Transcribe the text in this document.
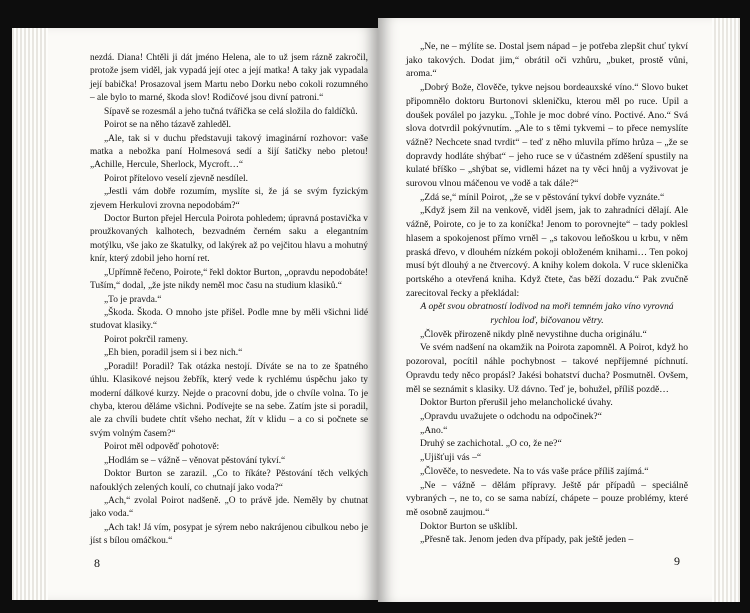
nezdá. Diana! Chtěli ji dát jméno Helena, ale to už jsem rázně zakročil, protože jsem viděl, jak vypadá její otec a její matka! A taky jak vypadala její babička! Prosazoval jsem Martu nebo Dorku nebo cokoli rozumného – ale bylo to marné, škoda slov! Rodičové jsou divní patroni.“

Sípavě se rozesmál a jeho tučná tvářička se celá složila do faldíčků.

Poirot se na něho tázavě zahleděl.

„Ale, tak si v duchu představuji takový imaginární rozhovor: vaše matka a nebožka paní Holmesová sedí a šijí šatičky nebo pletou! „Achille, Hercule, Sherlock, Mycroft…“

Poirot přítelovo veselí zjevně nesdílel.

„Jestli vám dobře rozumím, myslíte si, že já se svým fyzickým zjevem Herkulovi zrovna nepodobám?“

Doctor Burton přejel Hercula Poirota pohledem; úpravná postavička v proužkovaných kalhotech, bezvadném černém saku a elegantním motýlku, vše jako ze škatulky, od lakýrek až po vejčitou hlavu a mohutný knír, který zdobil jeho horní ret.

„Upřímně řečeno, Poirote,“ řekl doktor Burton, „opravdu nepodobáte! Tuším,“ dodal, „že jste nikdy neměl moc času na studium klasiků.“

„To je pravda.“

„Škoda. Škoda. O mnoho jste přišel. Podle mne by měli všichni lidé studovat klasiky.“

Poirot pokrčil rameny.

„Eh bien, poradil jsem si i bez nich.“

„Poradil! Poradil? Tak otázka nestojí. Díváte se na to ze špatného úhlu. Klasikové nejsou žebřík, který vede k rychlému úspěchu jako ty moderní dálkové kurzy. Nejde o pracovní dobu, jde o chvíle volna. To je chyba, kterou děláme všichni. Podívejte se na sebe. Zatím jste si poradil, ale za chvíli budete chtít všeho nechat, žít v klidu – a co si počnete se svým volným časem?“

Poirot měl odpověď pohotově:

„Hodlám se – vážně – věnovat pěstování tykví.“

Doktor Burton se zarazil. „Co to říkáte? Pěstování těch velkých nafouklých zelených koulí, co chutnají jako voda?“

„Ach,“ zvolal Poirot nadšeně. „O to právě jde. Neměly by chutnat jako voda.“

„Ach tak! Já vím, posypat je sýrem nebo nakrájenou cibulkou nebo je jíst s bílou omáčkou.“

8

„Ne, ne – mýlíte se. Dostal jsem nápad – je potřeba zlepšit chuť tykví jako takových. Dodat jim,“ obrátil oči vzhůru, „buket, prostě vůni, aroma.“

„Dobrý Bože, člověče, tykve nejsou bordeauxské víno.“ Slovo buket připomnělo doktoru Burtonovi skleničku, kterou měl po ruce. Upil a doušek poválel po jazyku. „Tohle je moc dobré víno. Poctivé. Ano.“ Svá slova dotvrdil pokývnutím. „Ale to s těmi tykvemi – to přece nemyslíte vážně? Nechcete snad tvrdit“ – teď z něho mluvila přímo hrůza – „že se dopravdy hodláte shýbat“ – jeho ruce se v účastném zděšení spustily na kulaté bříško – „shýbat se, vidlemi házet na ty věci hnůj a vyživovat je surovou vlnou máčenou ve vodě a tak dále?“

„Zdá se,“ mínil Poirot, „že se v pěstování tykví dobře vyznáte.“

„Když jsem žil na venkově, viděl jsem, jak to zahradníci dělají. Ale vážně, Poirote, co je to za koníčka! Jenom to porovnejte“ – tady poklesl hlasem a spokojenost přímo vrněl – „s takovou leňoškou u krbu, v něm praská dřevo, v dlouhém nízkém pokoji obloženém knihami… Ten pokoj musí být dlouhý a ne čtvercový. A knihy kolem dokola. V ruce sklenička portského a otevřená kniha. Když čtete, čas běží dozadu.“ Pak zvučně zarecitoval řecky a překládal:

A opět svou obratností lodivod na moři temném jako víno vyrovná rychlou loď, bičovanou větry.

„Člověk přirozeně nikdy plně nevystihne ducha originálu.“

Ve svém nadšení na okamžik na Poirota zapomněl. A Poirot, když ho pozoroval, pocítil náhle pochybnost – takové nepříjemné píchnutí. Opravdu tedy něco propásl? Jakési bohatství ducha? Posmutněl. Ovšem, měl se seznámit s klasiky. Už dávno. Teď je, bohužel, příliš pozdě…

Doktor Burton přerušil jeho melancholické úvahy.

„Opravdu uvažujete o odchodu na odpočinek?“

„Ano.“

Druhý se zachichotal. „O co, že ne?“

„Ujišťuji vás –“

„Člověče, to nesvedete. Na to vás vaše práce příliš zajímá.“

„Ne – vážně – dělám přípravy. Ještě pár případů – speciálně vybraných –, ne to, co se sama nabízí, chápete – pouze problémy, které mě osobně zaujmou.“

Doktor Burton se ušklíbl.

„Přesně tak. Jenom jeden dva případy, pak ještě jeden –

9
